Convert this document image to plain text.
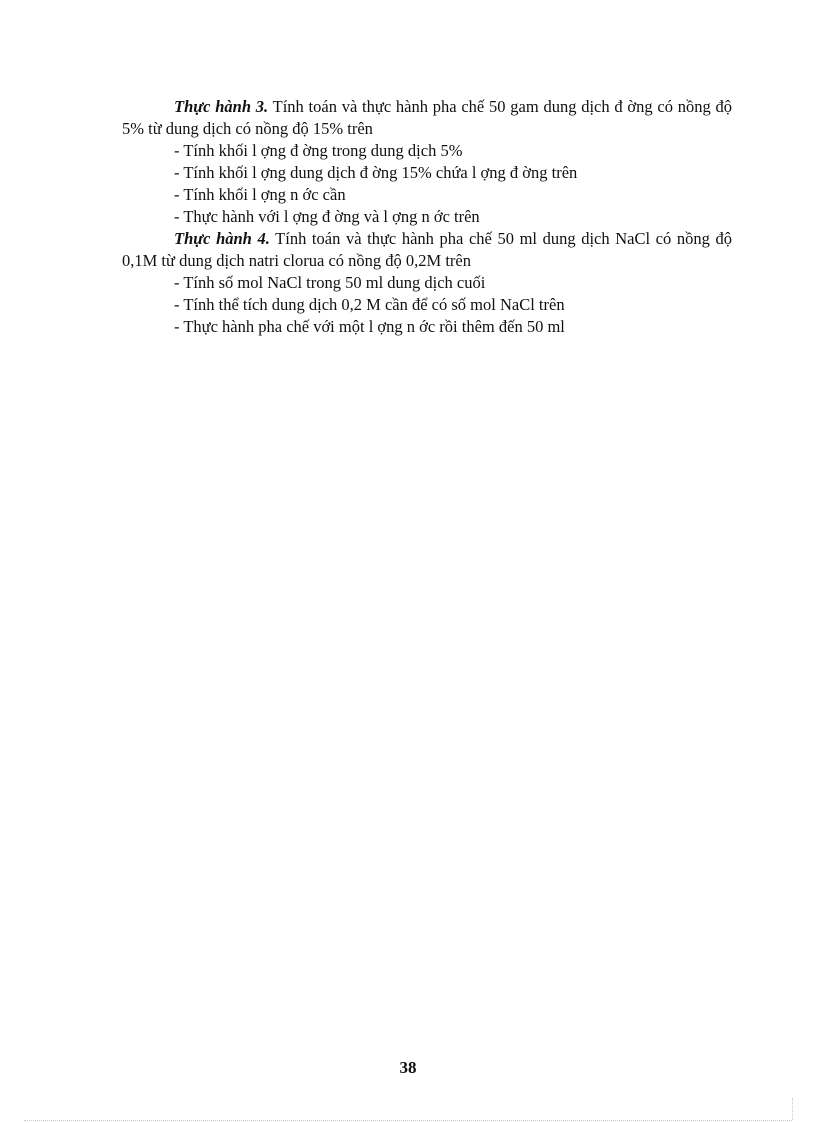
Thực hành 3. Tính toán và thực hành pha chế 50 gam dung dịch đ ờng có nồng độ 5% từ dung dịch có nồng độ 15% trên

- Tính khối l ợng đ ờng trong dung dịch 5%

- Tính khối l ợng dung dịch đ ờng 15% chứa l ợng đ ờng trên

- Tính khối l ợng n ớc cần

- Thực hành với l ợng đ ờng và l ợng n ớc trên

Thực hành 4. Tính toán và thực hành pha chế 50 ml dung dịch NaCl có nồng độ 0,1M từ dung dịch natri clorua có nồng độ 0,2M trên

- Tính số mol NaCl trong 50 ml dung dịch cuối

- Tính thể tích dung dịch 0,2 M cần để có số mol NaCl trên

- Thực hành pha chế với một l ợng n ớc rồi thêm đến 50 ml

38
